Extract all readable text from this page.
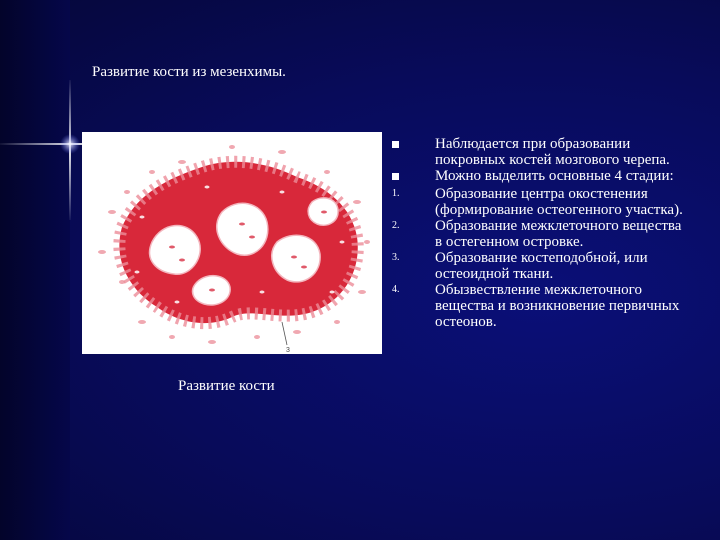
Развитие кости из мезенхимы.
3
Развитие кости
Наблюдается при образовании покровных костей мозгового черепа.
Можно выделить основные 4 стадии:
1.	Образование центра окостенения (формирование остеогенного участка).
2.	Образование межклеточного вещества в остегенном островке.
3.	Образование костеподобной, или остеоидной ткани.
4.	Обызвествление межклеточного вещества и возникновение первичных остеонов.
